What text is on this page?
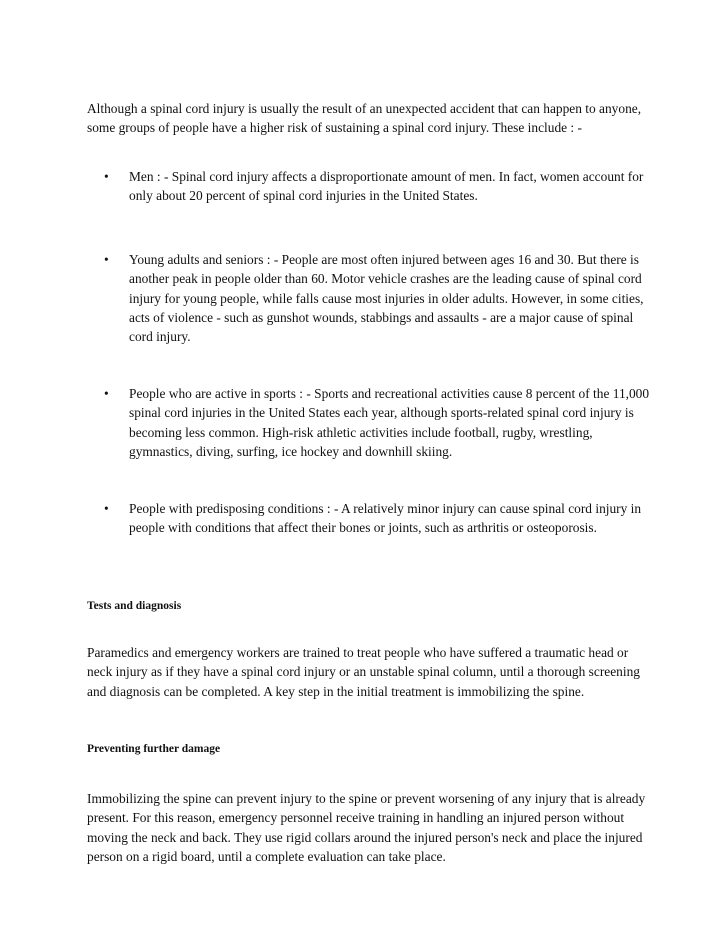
Although a spinal cord injury is usually the result of an unexpected accident that can happen to anyone, some groups of people have a higher risk of sustaining a spinal cord injury. These include : -

•	Men : - Spinal cord injury affects a disproportionate amount of men. In fact, women account for only about 20 percent of spinal cord injuries in the United States.
•	Young adults and seniors : - People are most often injured between ages 16 and 30. But there is another peak in people older than 60. Motor vehicle crashes are the leading cause of spinal cord injury for young people, while falls cause most injuries in older adults. However, in some cities, acts of violence - such as gunshot wounds, stabbings and assaults - are a major cause of spinal cord injury.
•	People who are active in sports : - Sports and recreational activities cause 8 percent of the 11,000 spinal cord injuries in the United States each year, although sports-related spinal cord injury is becoming less common. High-risk athletic activities include football, rugby, wrestling, gymnastics, diving, surfing, ice hockey and downhill skiing.
•	People with predisposing conditions : - A relatively minor injury can cause spinal cord injury in people with conditions that affect their bones or joints, such as arthritis or osteoporosis.
Tests and diagnosis

Paramedics and emergency workers are trained to treat people who have suffered a traumatic head or neck injury as if they have a spinal cord injury or an unstable spinal column, until a thorough screening and diagnosis can be completed. A key step in the initial treatment is immobilizing the spine.

Preventing further damage

Immobilizing the spine can prevent injury to the spine or prevent worsening of any injury that is already present. For this reason, emergency personnel receive training in handling an injured person without moving the neck and back. They use rigid collars around the injured person's neck and place the injured person on a rigid board, until a complete evaluation can take place.
